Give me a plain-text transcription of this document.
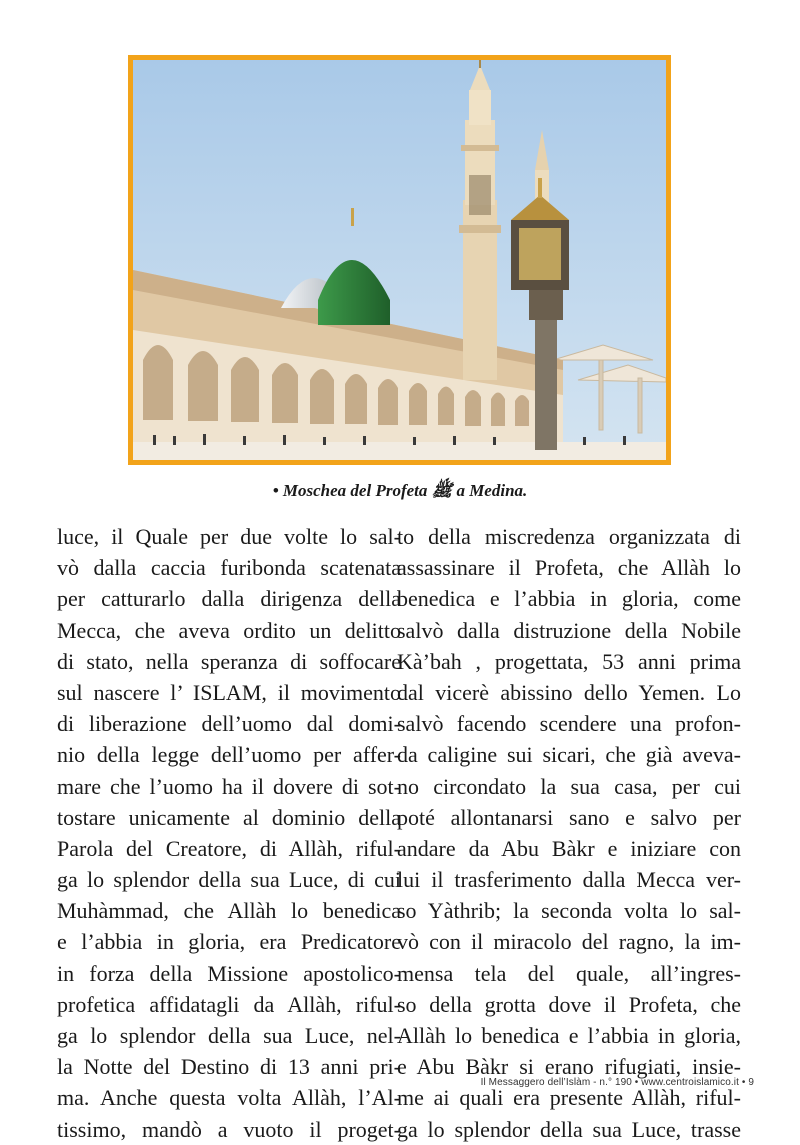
• Moschea del Profeta ﷺ a Medina.
luce, il Quale per due volte lo sal-
vò dalla caccia furibonda scatenata
per catturarlo dalla dirigenza della
Mecca, che aveva ordito un delitto
di stato, nella speranza di soffocare
sul nascere l’ ISLAM, il movimento
di liberazione dell’uomo dal domi-
nio della legge dell’uomo per affer-
mare che l’uomo ha il dovere di sot-
tostare unicamente al dominio della
Parola del Creatore, di Allàh, riful-
ga lo splendor della sua Luce, di cui
Muhàmmad, che Allàh lo benedica
e l’abbia in gloria, era Predicatore
in forza della Missione apostolico-
profetica affidatagli da Allàh, riful-
ga lo splendor della sua Luce, nel-
la Notte del Destino di 13 anni pri-
ma. Anche questa volta Allàh, l’Al-
tissimo, mandò a vuoto il proget-
to della miscredenza organizzata di
assassinare il Profeta, che Allàh lo
benedica e l’abbia in gloria, come
salvò dalla distruzione della Nobile
Kà’bah , progettata, 53 anni prima
dal vicerè abissino dello Yemen. Lo
salvò facendo scendere una profon-
da caligine sui sicari, che già aveva-
no circondato la sua casa, per cui
poté allontanarsi sano e salvo per
andare da Abu Bàkr e iniziare con
lui il trasferimento dalla Mecca ver-
so Yàthrib; la seconda volta lo sal-
vò con il miracolo del ragno, la im-
mensa tela del quale, all’ingres-
so della grotta dove il Profeta, che
Allàh lo benedica e l’abbia in gloria,
e Abu Bàkr si erano rifugiati, insie-
me ai quali era presente Allàh, riful-
ga lo splendor della sua Luce, trasse
Il Messaggero dell’Islàm - n.° 190 • www.centroislamico.it • 9
